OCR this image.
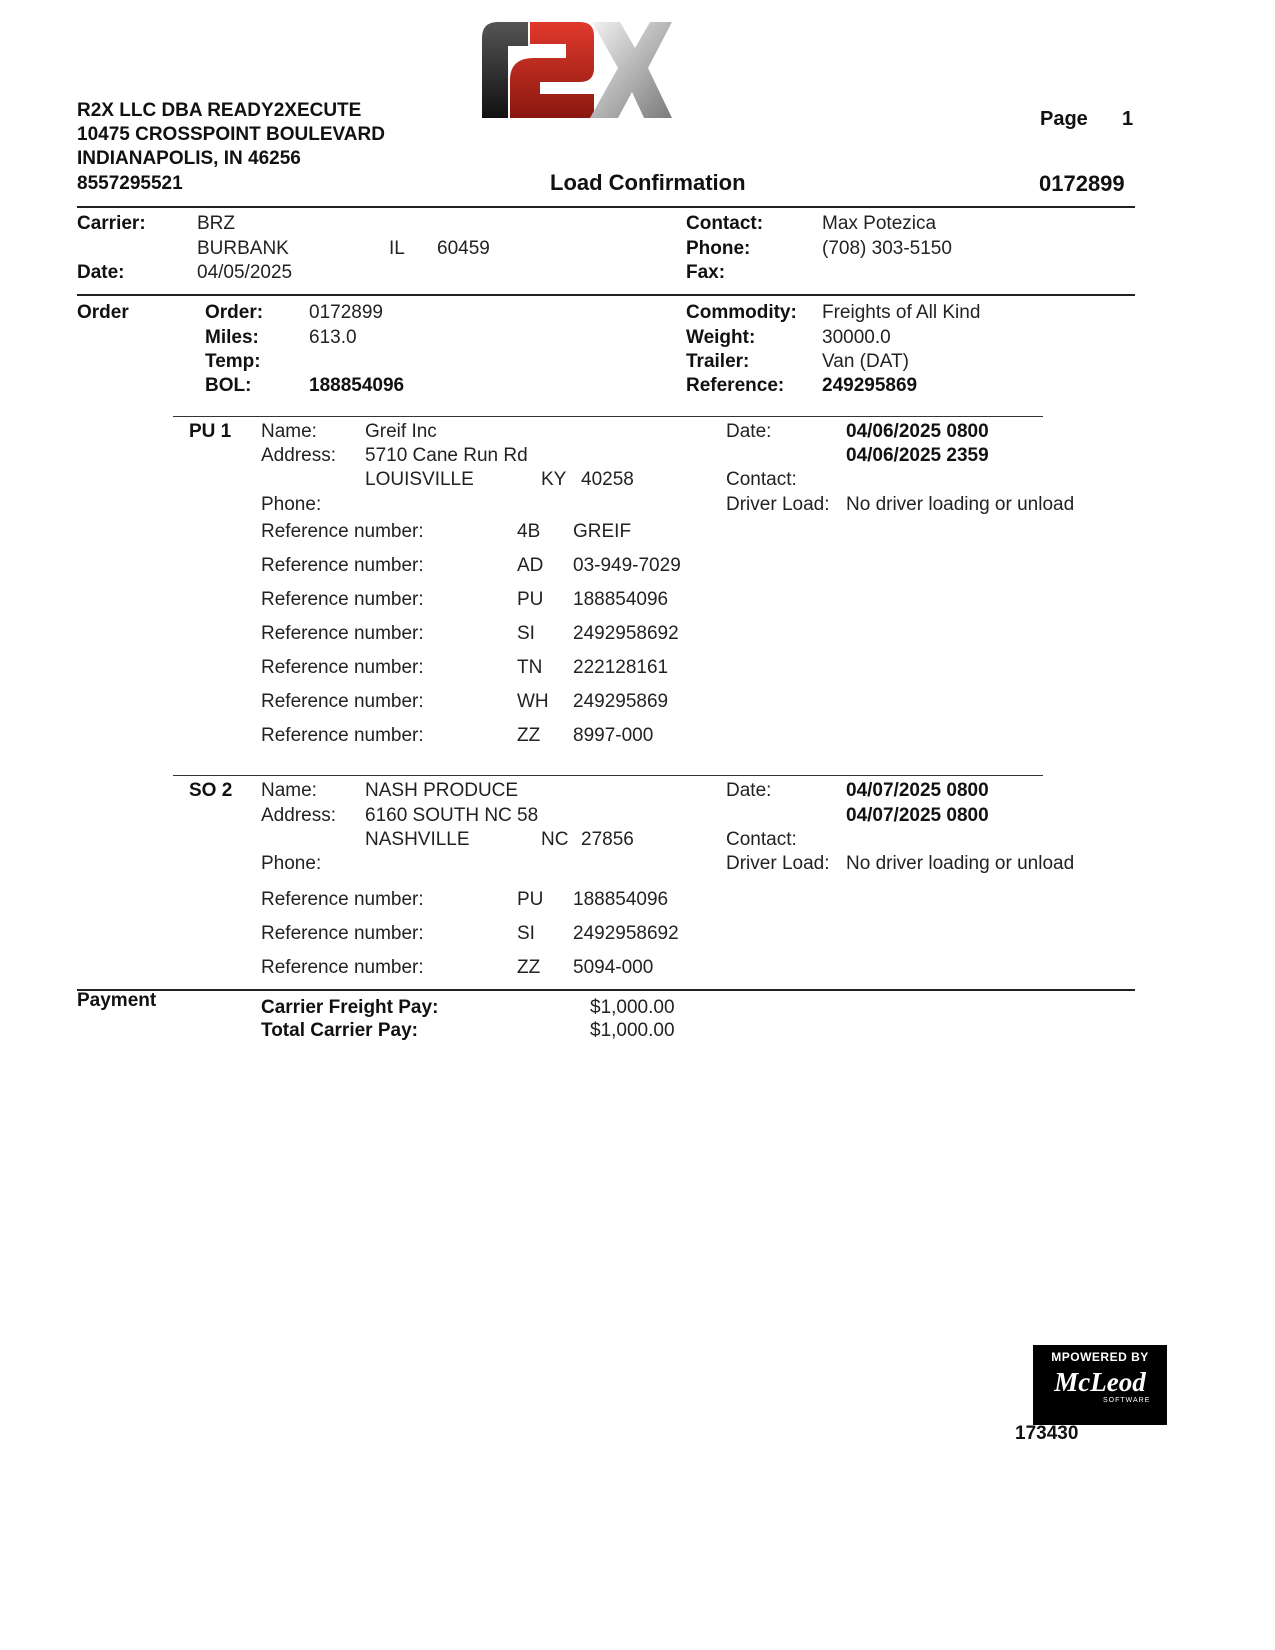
R2X LLC DBA READY2XECUTE
10475 CROSSPOINT BOULEVARD
INDIANAPOLIS, IN 46256
8557295521
Page 1
Load Confirmation	0172899
Carrier:	BRZ
BURBANK	IL 60459
Date:	04/05/2025
Contact:	Max Potezica
Phone:	(708) 303-5150
Fax:
Order	Order: 0172899
Miles:	613.0
Temp:
BOL:	188854096
Commodity: Freights of All Kind
Weight:	30000.0
Trailer:	Van (DAT)
Reference: 249295869
PU 1 Name:	Greif Inc
Address: 5710 Cane Run Rd
LOUISVILLE	KY 40258
Phone:
Date:	04/06/2025 0800
04/06/2025 2359
Contact:
Driver Load: No driver loading or unload
Reference number:	4B GREIF
Reference number:	AD 03-949-7029
Reference number:	PU 188854096
Reference number:	SI 2492958692
Reference number:	TN 222128161
Reference number:	WH 249295869
Reference number:	ZZ 8997-000
SO 2 Name:	NASH PRODUCE
Address: 6160 SOUTH NC 58
NASHVILLE	NC 27856
Phone:
Date:	04/07/2025 0800
04/07/2025 0800
Contact:
Driver Load: No driver loading or unload
Reference number:	PU 188854096
Reference number:	SI 2492958692
Reference number:	ZZ 5094-000
Payment	Carrier Freight Pay:	$1,000.00
Total Carrier Pay:	$1,000.00
MPOWERED BY
McLeod
SOFTWARE
173430
